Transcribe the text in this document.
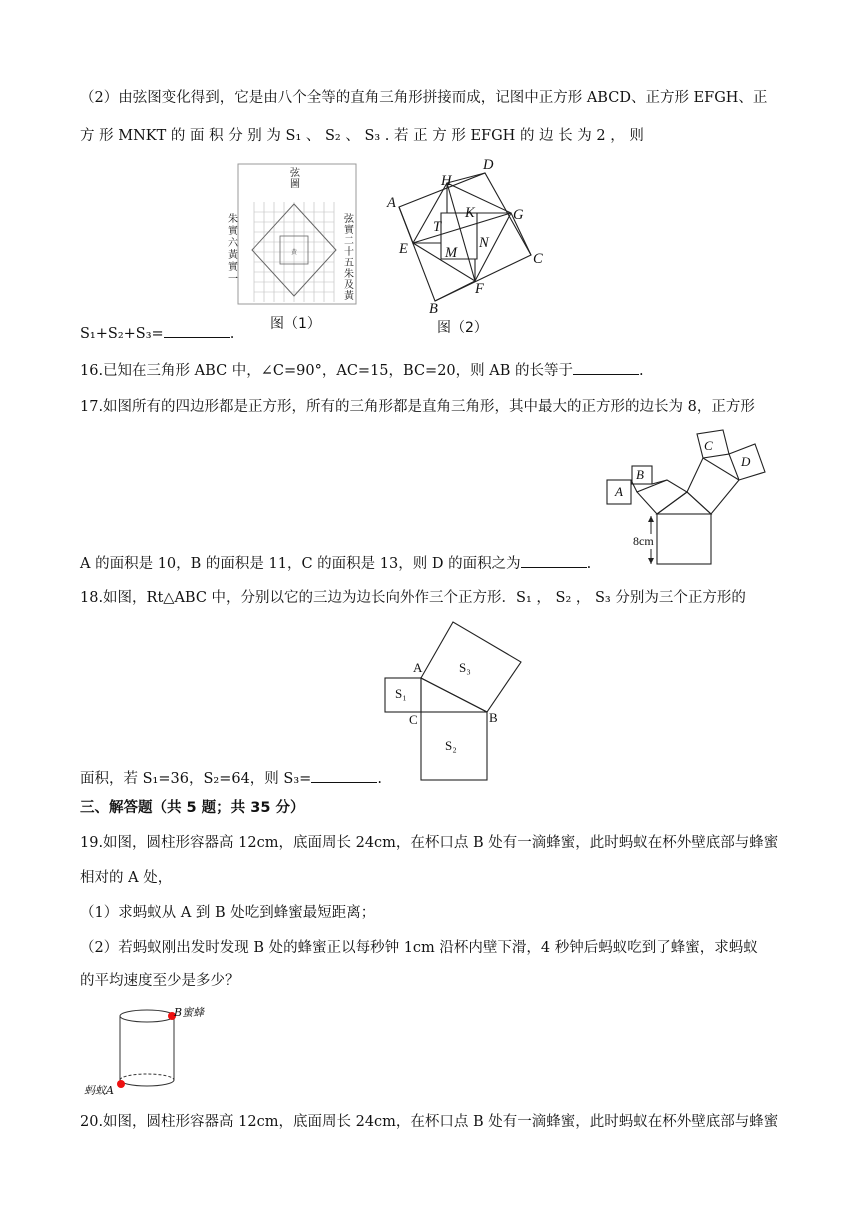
（2）由弦图变化得到，它是由八个全等的直角三角形拼接而成，记图中正方形 ABCD、正方形 EFGH、正
方 形 MNKT 的 面 积 分 别 为 S₁ 、 S₂ 、 S₃ . 若 正 方 形 EFGH 的 边 长 为 2 ， 则
黄
弦圖
朱實六黃實一
弦實二十五朱及黃
图（1）
A
D
C
B
E
F
G
H
K
N
M
T
图（2）
S₁+S₂+S₃=	.
16.已知在三角形 ABC 中，∠C=90°，AC=15，BC=20，则 AB 的长等于	.
17.如图所有的四边形都是正方形，所有的三角形都是直角三角形，其中最大的正方形的边长为 8，正方形
A
B
C
D
8cm
A 的面积是 10，B 的面积是 11，C 的面积是 13，则 D 的面积之为	.
18.如图，Rt△ABC 中，分别以它的三边为边长向外作三个正方形．S₁ ， S₂ ， S₃ 分别为三个正方形的
A
B
C
S₁
S₂
S₃
面积，若 S₁=36，S₂=64，则 S₃=	.
三、解答题（共 5 题；共 35 分）
19.如图，圆柱形容器高 12cm，底面周长 24cm，在杯口点 B 处有一滴蜂蜜，此时蚂蚁在杯外壁底部与蜂蜜
相对的 A 处，
（1）求蚂蚁从 A 到 B 处吃到蜂蜜最短距离；
（2）若蚂蚁刚出发时发现 B 处的蜂蜜正以每秒钟 1cm 沿杯内壁下滑，4 秒钟后蚂蚁吃到了蜂蜜，求蚂蚁
的平均速度至少是多少？
B蜜蜂
蚂蚁A
20.如图，圆柱形容器高 12cm，底面周长 24cm，在杯口点 B 处有一滴蜂蜜，此时蚂蚁在杯外壁底部与蜂蜜
